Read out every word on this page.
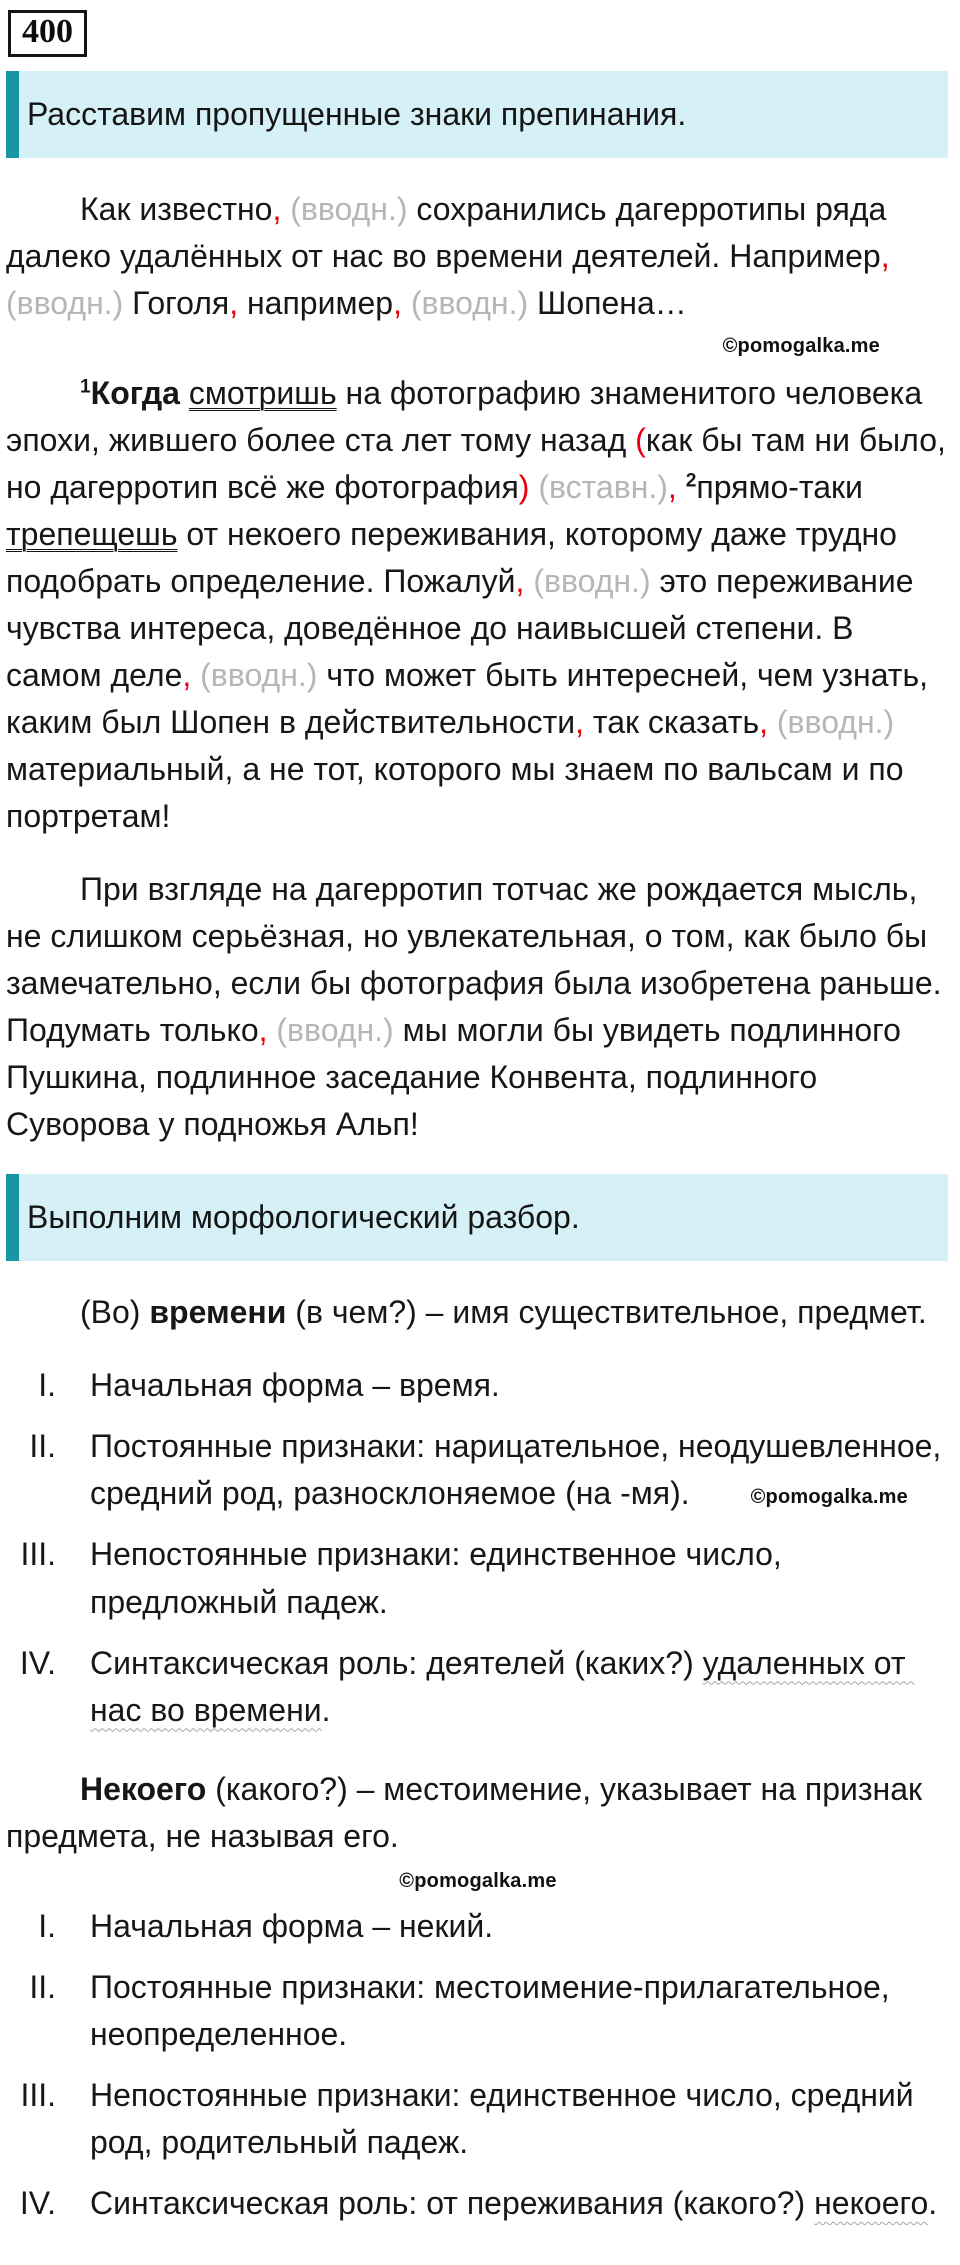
400
Расставим пропущенные знаки препинания.

Как известно, (вводн.) сохранились дагерротипы ряда далеко удалённых от нас во времени деятелей. Например, (вводн.) Гоголя, например, (вводн.) Шопена…

©pomogalka.me

$^1$Когда смотришь на фотографию знаменитого человека эпохи, жившего более ста лет тому назад (как бы там ни было, но дагерротип всё же фотография) (вставн.), $^2$прямо-таки трепещешь от некоего переживания, которому даже трудно подобрать определение. Пожалуй, (вводн.) это переживание чувства интереса, доведённое до наивысшей степени. В самом деле, (вводн.) что может быть интересней, чем узнать, каким был Шопен в действительности, так сказать, (вводн.) материальный, а не тот, которого мы знаем по вальсам и по портретам!

При взгляде на дагерротип тотчас же рождается мысль, не слишком серьёзная, но увлекательная, о том, как было бы замечательно, если бы фотография была изобретена раньше. Подумать только, (вводн.) мы могли бы увидеть подлинного Пушкина, подлинное заседание Конвента, подлинного Суворова у подножья Альп!

Выполним морфологический разбор.

(Во) времени (в чем?) – имя существительное, предмет.

I. Начальная форма – время.
II. Постоянные признаки: нарицательное, неодушевленное, средний род, разносклоняемое (на -мя).	©pomogalka.me
III. Непостоянные признаки: единственное число, предложный падеж.
IV. Синтаксическая роль: деятелей (каких?) удаленных от нас во времени.

Некоего (какого?) – местоимение, указывает на признак предмета, не называя его.

©pomogalka.me
I. Начальная форма – некий.
II. Постоянные признаки: местоимение-прилагательное, неопределенное.
III. Непостоянные признаки: единственное число, средний род, родительный падеж.
IV. Синтаксическая роль: от переживания (какого?) некоего.
